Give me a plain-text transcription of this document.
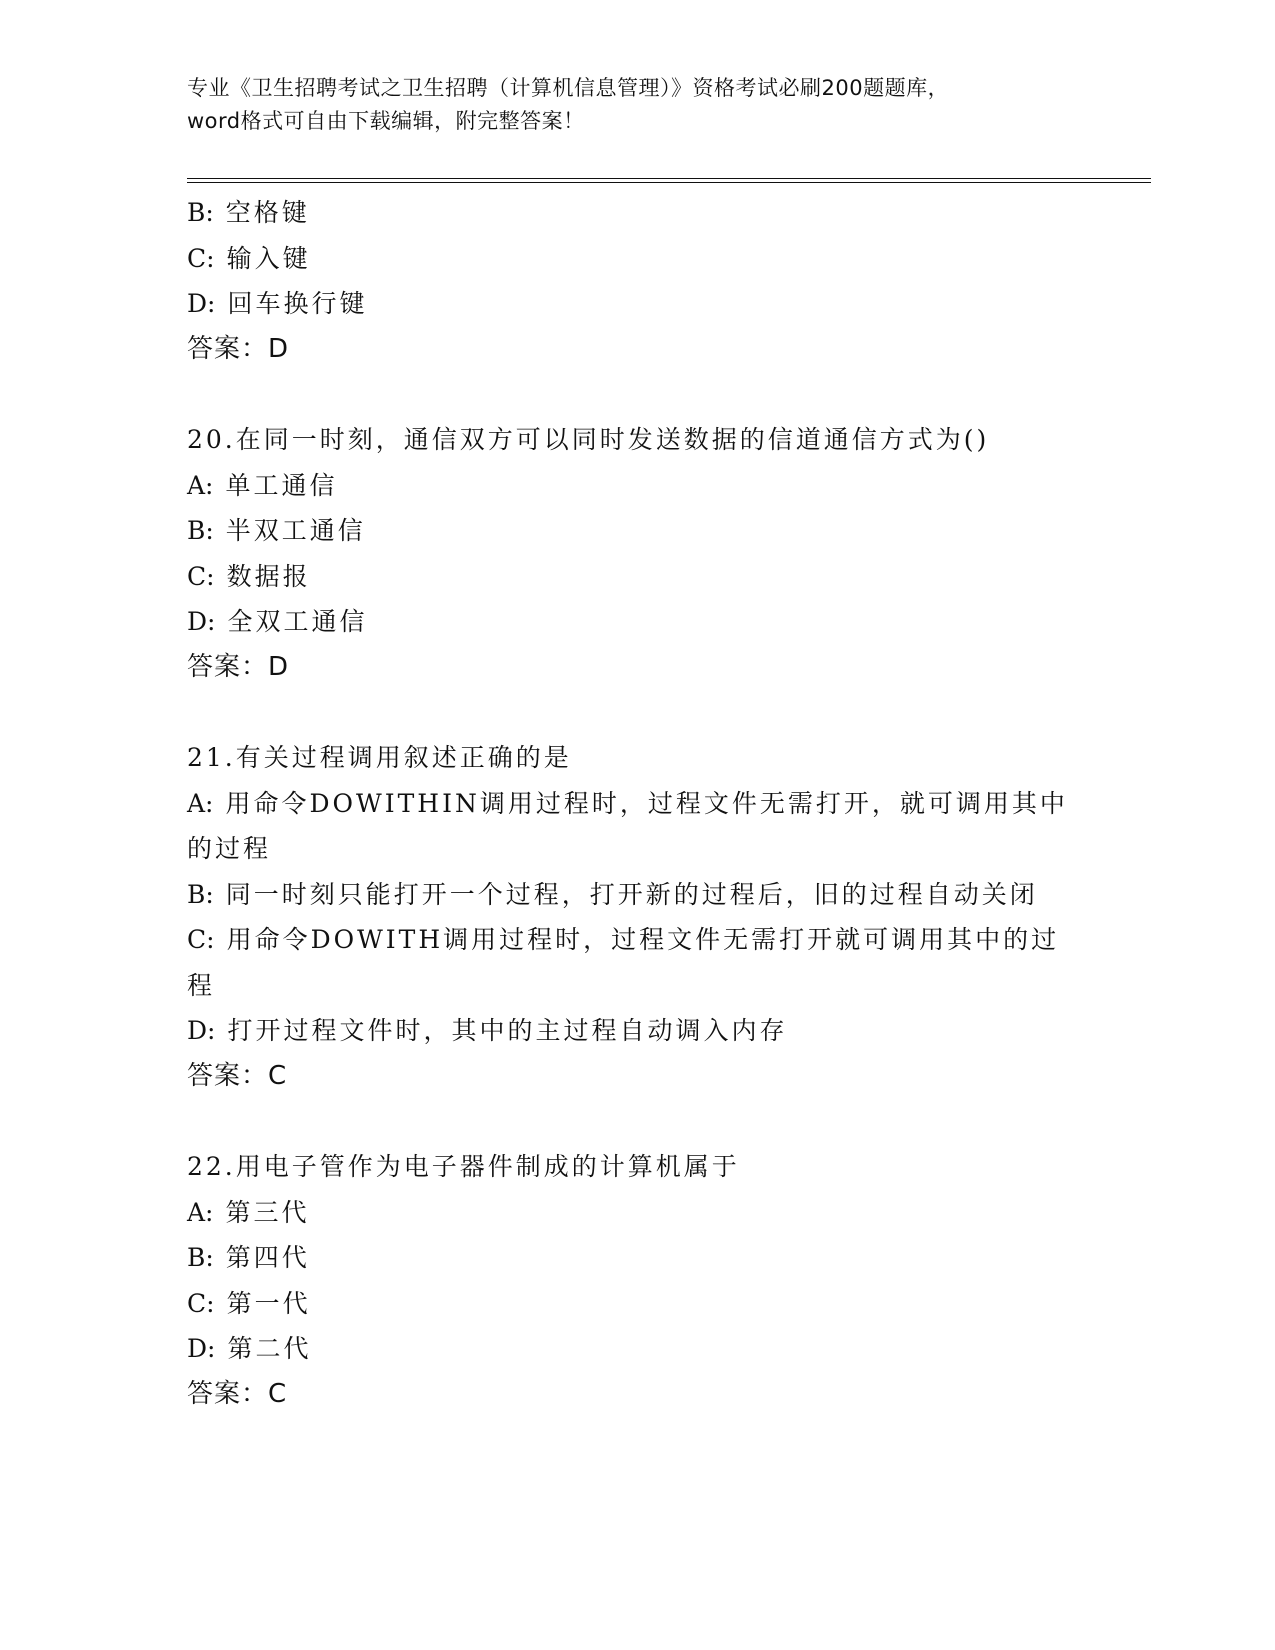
专业《卫生招聘考试之卫生招聘（计算机信息管理）》资格考试必刷200题题库，
word格式可自由下载编辑，附完整答案！
B: 空格键
C: 输入键
D: 回车换行键
答案：D
20.在同一时刻，通信双方可以同时发送数据的信道通信方式为()
A: 单工通信
B: 半双工通信
C: 数据报
D: 全双工通信
答案：D
21.有关过程调用叙述正确的是
A: 用命令DOWITHIN调用过程时，过程文件无需打开，就可调用其中
的过程
B: 同一时刻只能打开一个过程，打开新的过程后，旧的过程自动关闭
C: 用命令DOWITH调用过程时，过程文件无需打开就可调用其中的过
程
D: 打开过程文件时，其中的主过程自动调入内存
答案：C
22.用电子管作为电子器件制成的计算机属于
A: 第三代
B: 第四代
C: 第一代
D: 第二代
答案：C
